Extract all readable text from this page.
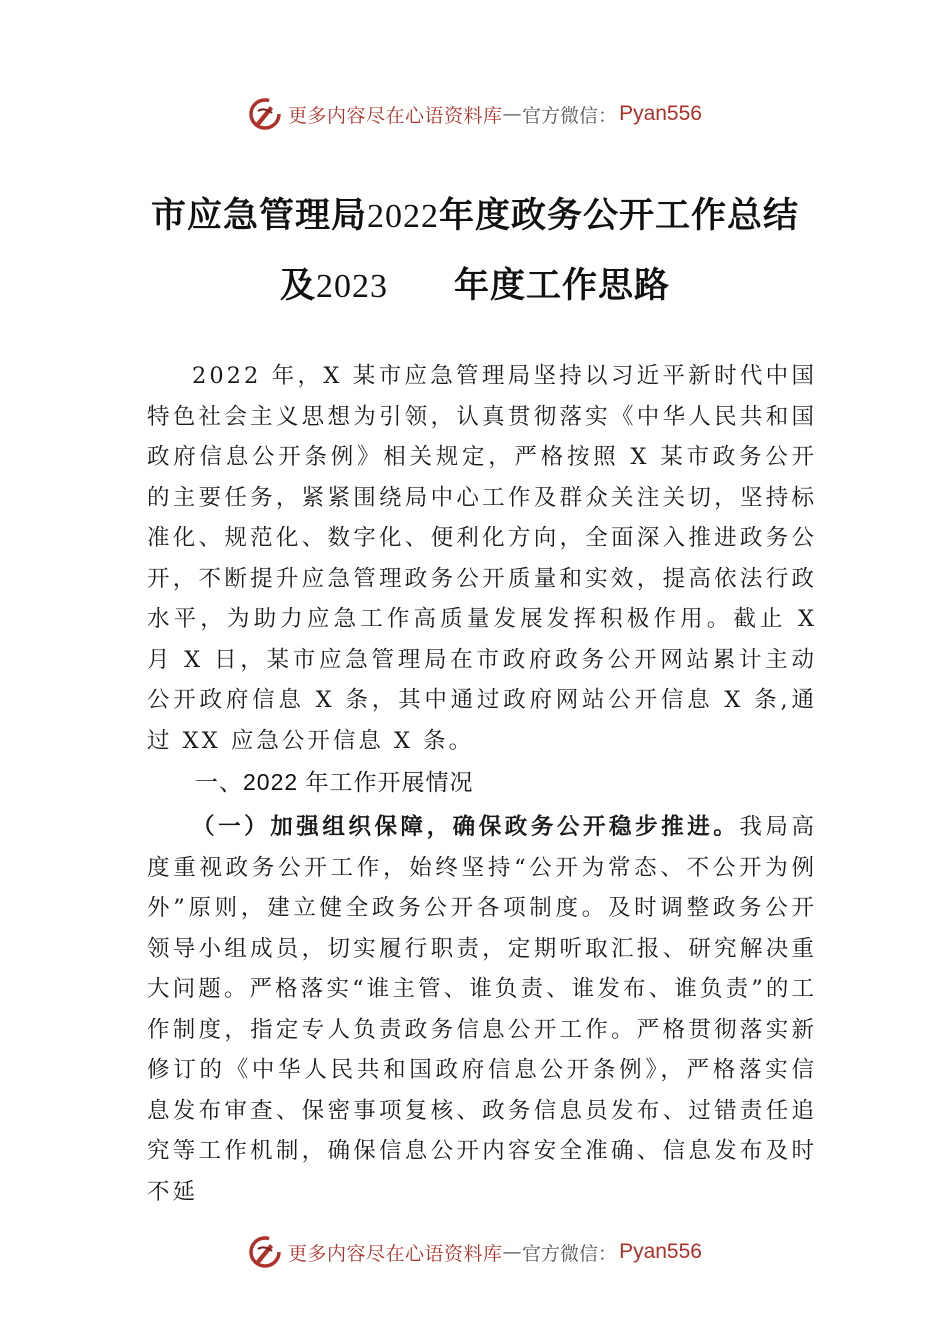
更多内容尽在心语资料库 — 官方微信： Pyan556
市应急管理局2022年度政务公开工作总结
及2023 年度工作思路

2022 年，X 某市应急管理局坚持以习近平新时代中国特色社会主义思想为引领，认真贯彻落实《中华人民共和国政府信息公开条例》相关规定，严格按照 X 某市政务公开的主要任务，紧紧围绕局中心工作及群众关注关切，坚持标准化、规范化、数字化、便利化方向，全面深入推进政务公开，不断提升应急管理政务公开质量和实效，提高依法行政水平，为助力应急工作高质量发展发挥积极作用。截止 X 月 X 日，某市应急管理局在市政府政务公开网站累计主动公开政府信息 X 条，其中通过政府网站公开信息 X 条,通过 XX 应急公开信息 X 条。

一、2022 年工作开展情况

（一）加强组织保障，确保政务公开稳步推进。我局高度重视政务公开工作，始终坚持“公开为常态、不公开为例外”原则，建立健全政务公开各项制度。及时调整政务公开领导小组成员，切实履行职责，定期听取汇报、研究解决重大问题。严格落实“谁主管、谁负责、谁发布、谁负责”的工作制度，指定专人负责政务信息公开工作。严格贯彻落实新修订的《中华人民共和国政府信息公开条例》，严格落实信息发布审查、保密事项复核、政务信息员发布、过错责任追究等工作机制，确保信息公开内容安全准确、信息发布及时不延

更多内容尽在心语资料库 — 官方微信： Pyan556
